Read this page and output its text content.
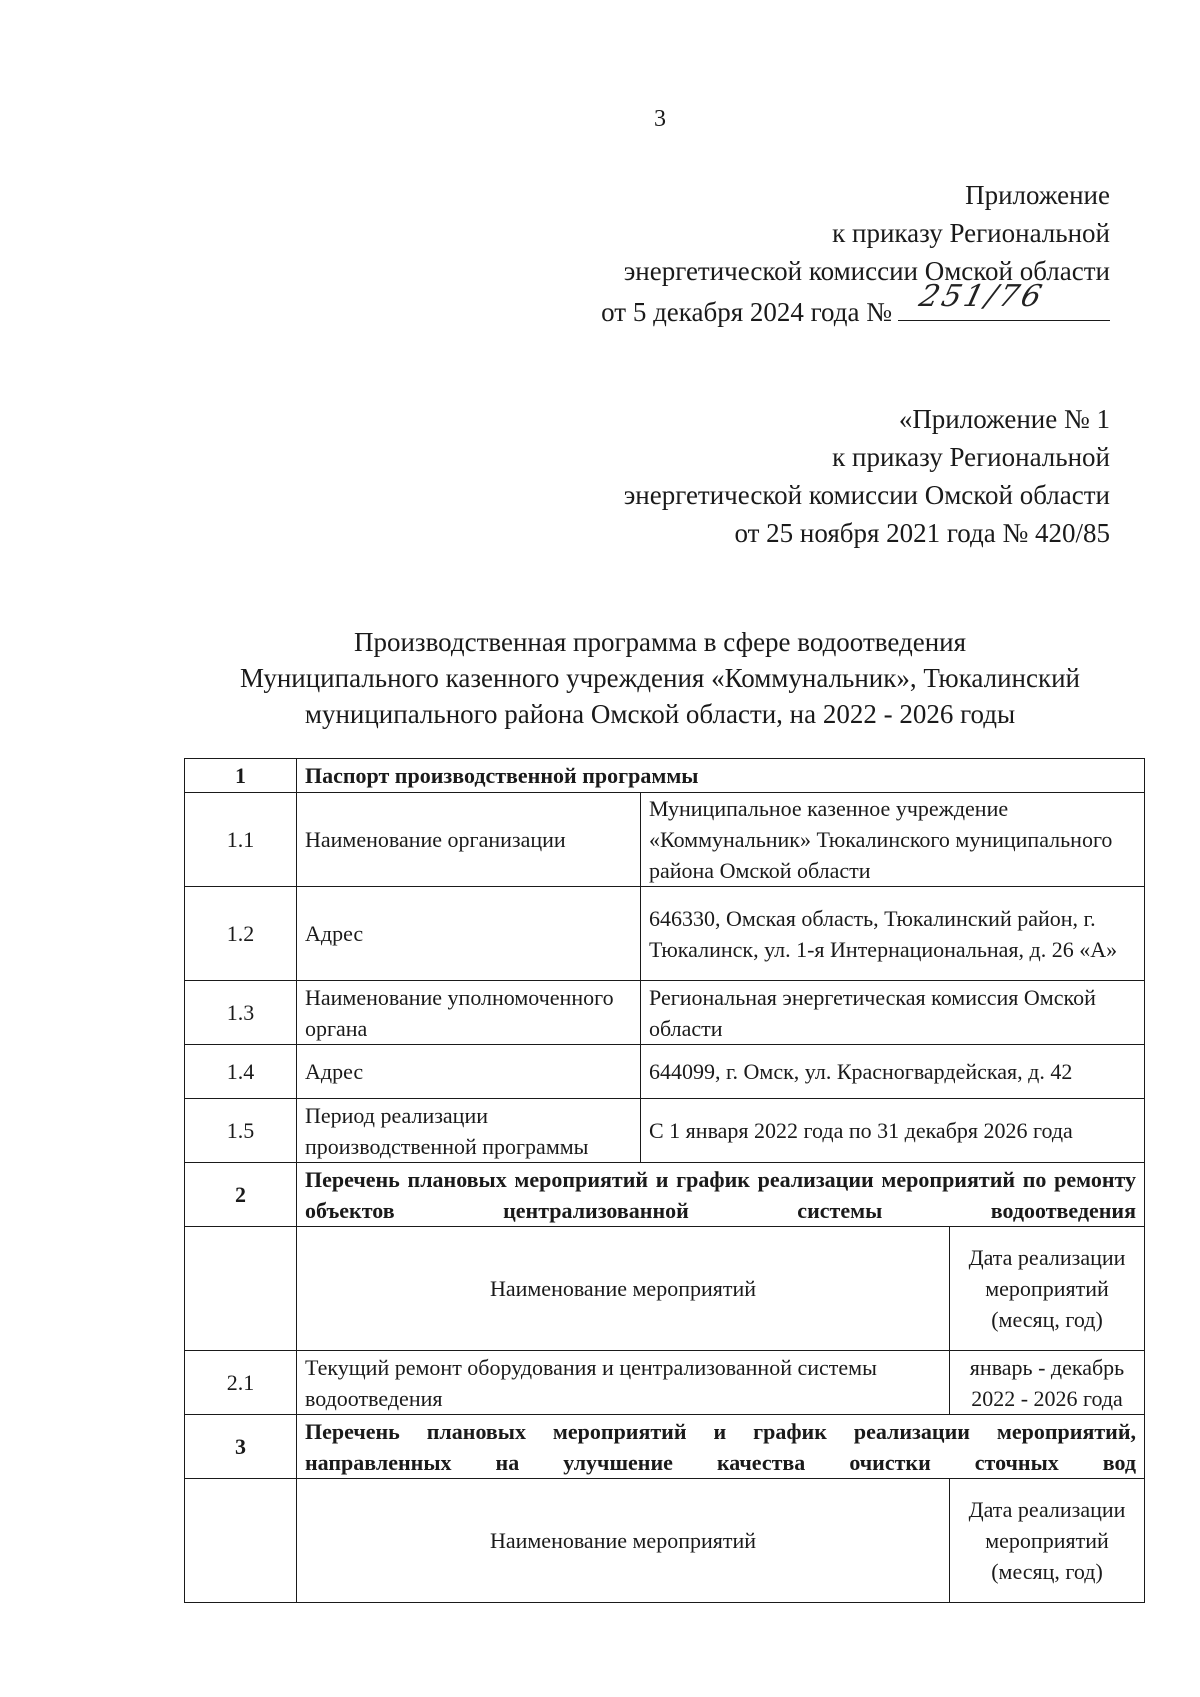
3
Приложение
к приказу Региональной
энергетической комиссии Омской области
от 5 декабря 2024 года № 251/76
«Приложение № 1
к приказу Региональной
энергетической комиссии Омской области
от 25 ноября 2021 года № 420/85
Производственная программа в сфере водоотведения
Муниципального казенного учреждения «Коммунальник», Тюкалинский
муниципального района Омской области, на 2022 - 2026 годы
1	Паспорт производственной программы		
1.1	Наименование организации	Муниципальное казенное учреждение «Коммунальник» Тюкалинского муниципального района Омской области	
1.2	Адрес	646330, Омская область, Тюкалинский район, г. Тюкалинск, ул. 1-я Интернациональная, д. 26 «А»	
1.3	Наименование уполномоченного органа	Региональная энергетическая комиссия Омской области	
1.4	Адрес	644099, г. Омск, ул. Красногвардейская, д. 42	
1.5	Период реализации производственной программы	С 1 января 2022 года по 31 декабря 2026 года	
2	Перечень плановых мероприятий и график реализации мероприятий по ремонту объектов централизованной системы водоотведения		
	Наименование мероприятий		Дата реализации мероприятий (месяц, год)
2.1	Текущий ремонт оборудования и централизованной системы водоотведения		январь - декабрь 2022 - 2026 года
3	Перечень плановых мероприятий и график реализации мероприятий, направленных на улучшение качества очистки сточных вод		
	Наименование мероприятий		Дата реализации мероприятий (месяц, год)
